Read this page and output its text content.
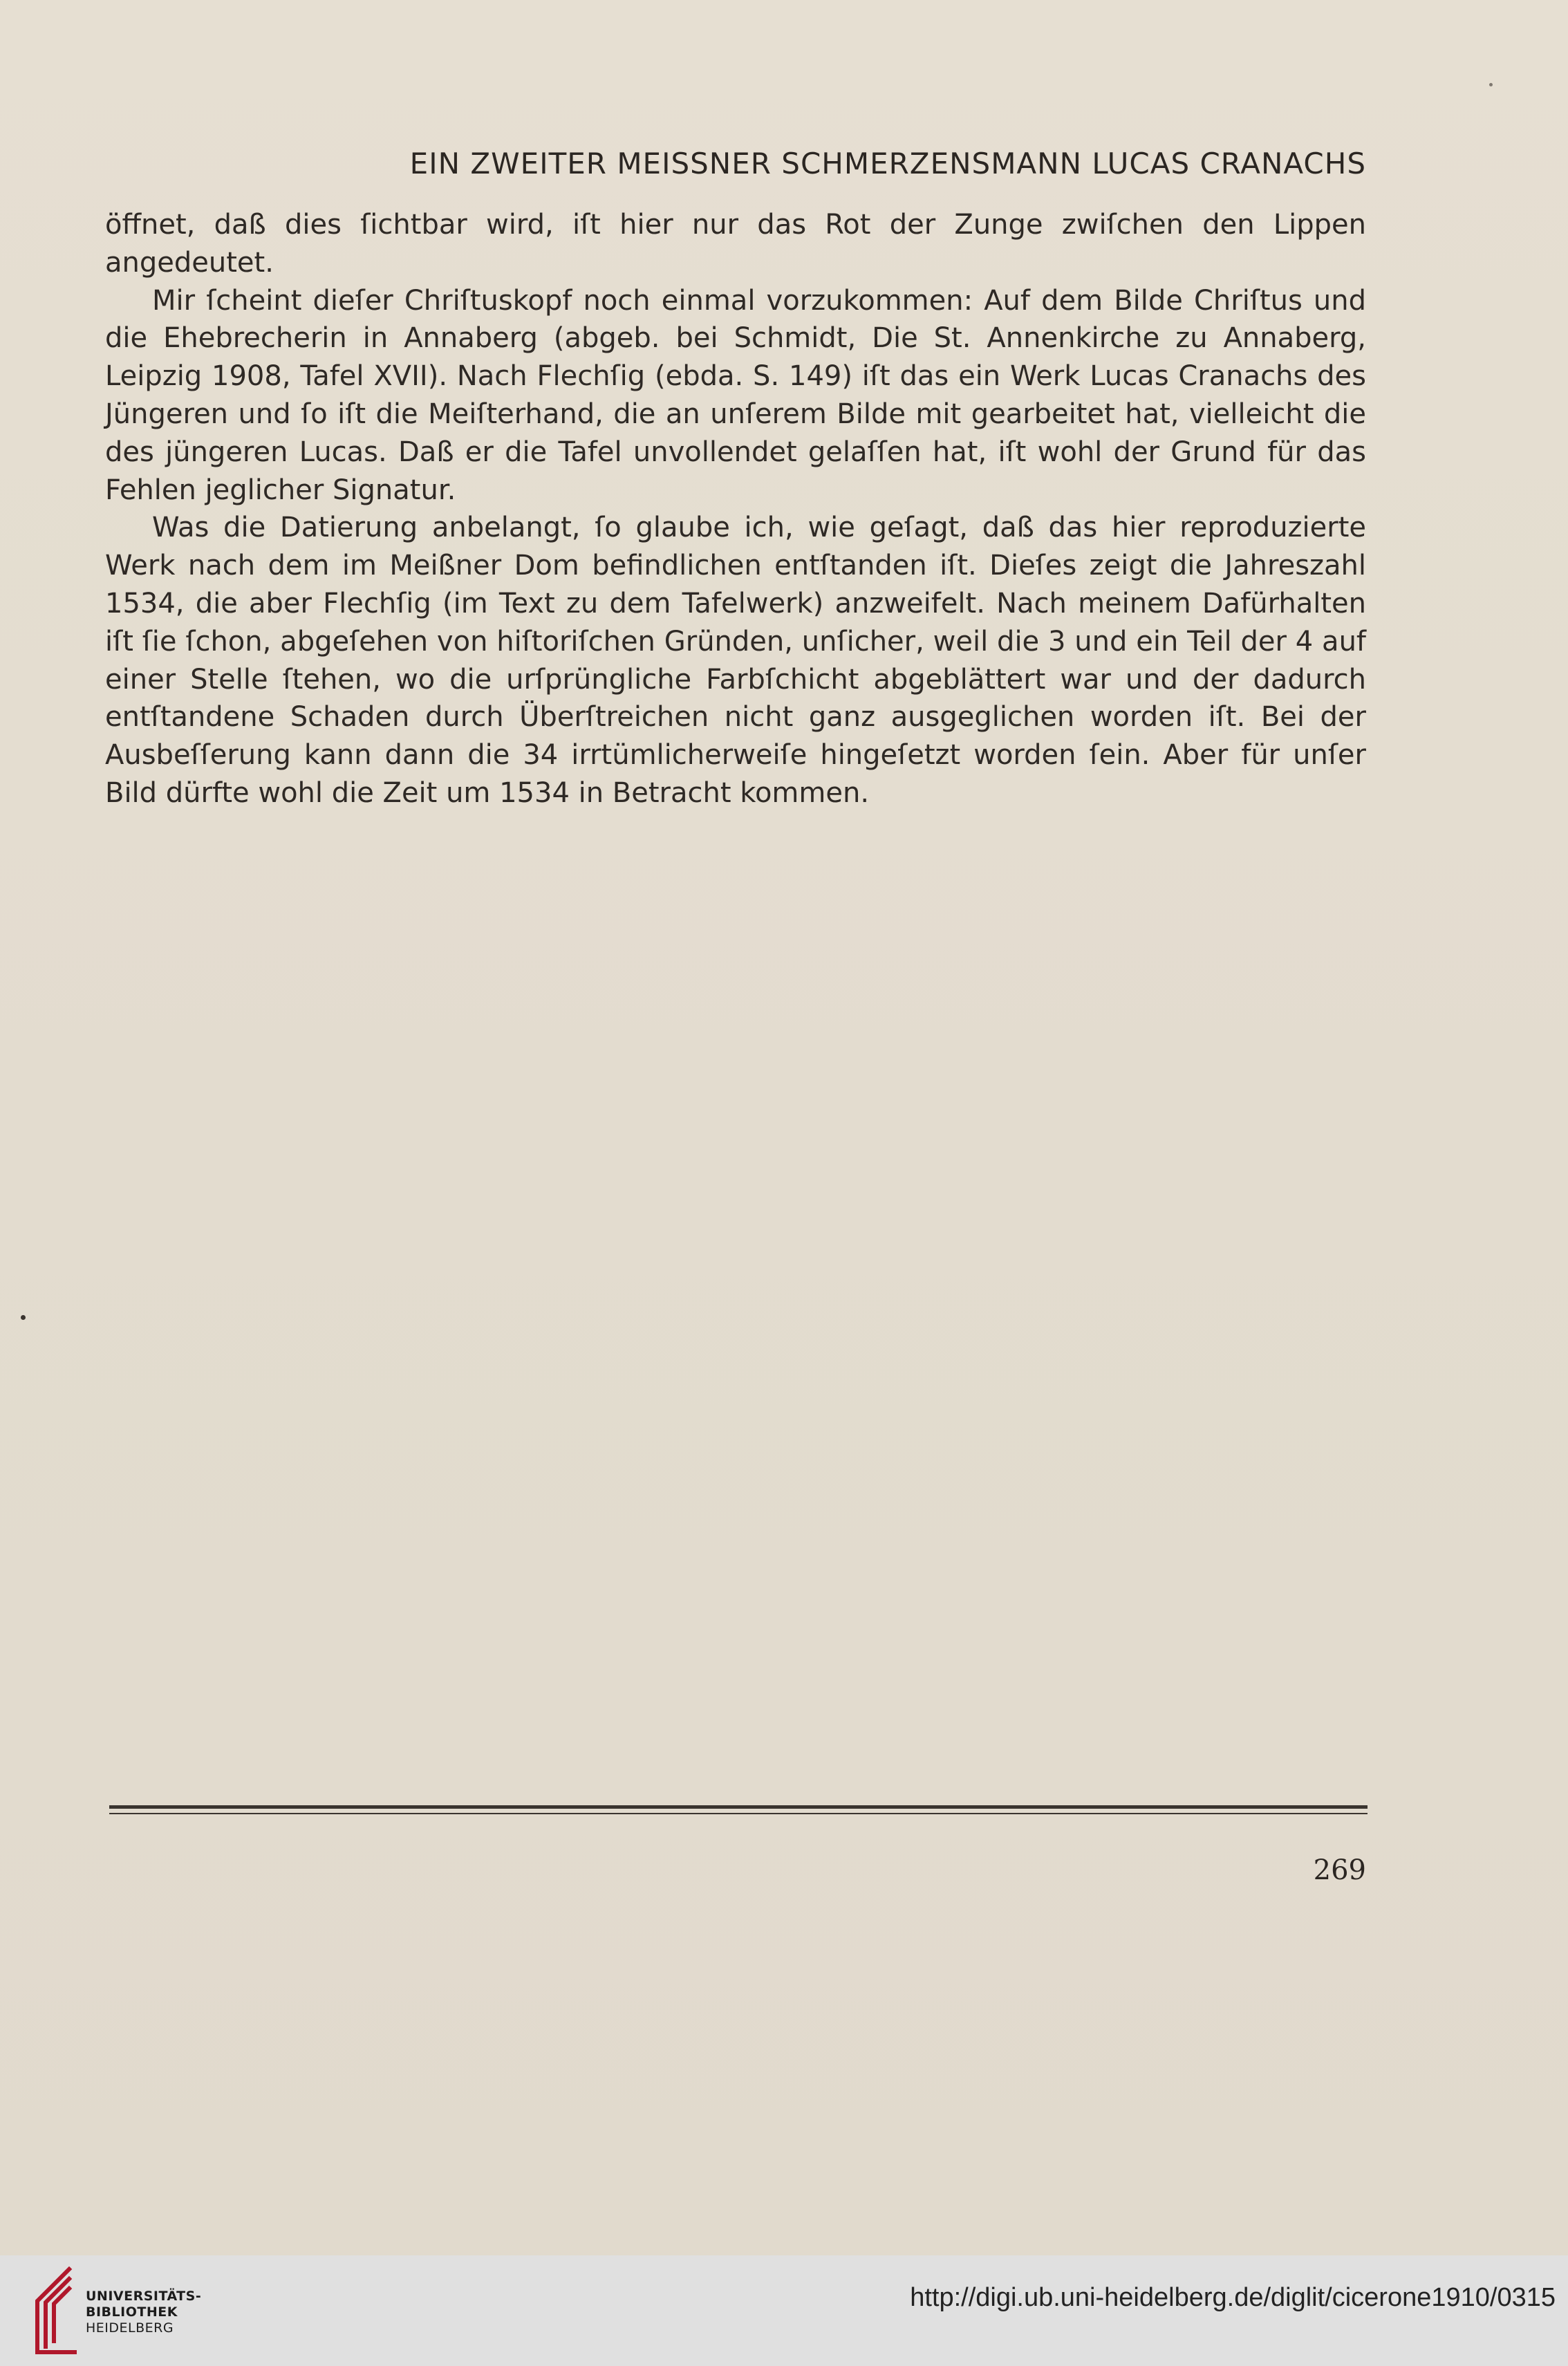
EIN ZWEITER MEISSNER SCHMERZENSMANN LUCAS CRANACHS

öffnet, daß dies ſichtbar wird, iſt hier nur das Rot der Zunge zwiſchen den Lippen angedeutet.

Mir ſcheint dieſer Chriſtuskopf noch einmal vorzukommen: Auf dem Bilde Chriſtus und die Ehebrecherin in Annaberg (abgeb. bei Schmidt, Die St. Annenkirche zu Annaberg, Leipzig 1908, Tafel XVII). Nach Flechſig (ebda. S. 149) iſt das ein Werk Lucas Cranachs des Jüngeren und ſo iſt die Meiſterhand, die an unſerem Bilde mit gearbeitet hat, vielleicht die des jüngeren Lucas. Daß er die Tafel unvollendet gelaſſen hat, iſt wohl der Grund für das Fehlen jeglicher Signatur.

Was die Datierung anbelangt, ſo glaube ich, wie geſagt, daß das hier reproduzierte Werk nach dem im Meißner Dom befindlichen entſtanden iſt. Dieſes zeigt die Jahreszahl 1534, die aber Flechſig (im Text zu dem Tafelwerk) anzweifelt. Nach meinem Dafürhalten iſt ſie ſchon, abgeſehen von hiſtoriſchen Gründen, unſicher, weil die 3 und ein Teil der 4 auf einer Stelle ſtehen, wo die urſprüngliche Farbſchicht abgeblättert war und der dadurch entſtandene Schaden durch Überſtreichen nicht ganz ausgeglichen worden iſt. Bei der Ausbeſſerung kann dann die 34 irrtümlicherweiſe hingeſetzt worden ſein. Aber für unſer Bild dürfte wohl die Zeit um 1534 in Betracht kommen.

269
UNIVERSITÄTS-
BIBLIOTHEK
HEIDELBERG
http://digi.ub.uni-heidelberg.de/diglit/cicerone1910/0315
